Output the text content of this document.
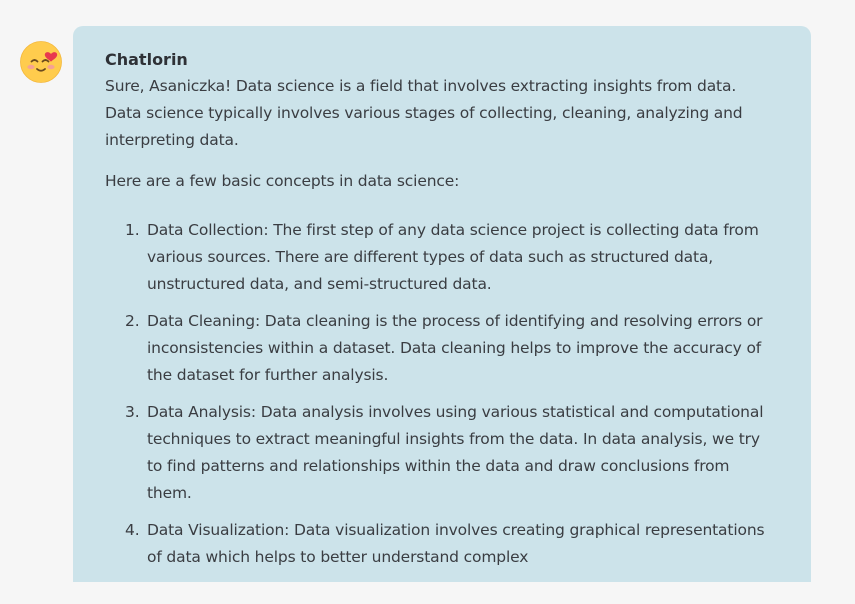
Chatlorin

Sure, Asaniczka! Data science is a field that involves extracting insights from data. Data science typically involves various stages of collecting, cleaning, analyzing and interpreting data.

Here are a few basic concepts in data science:

1. Data Collection: The first step of any data science project is collecting data from various sources. There are different types of data such as structured data, unstructured data, and semi-structured data.
2. Data Cleaning: Data cleaning is the process of identifying and resolving errors or inconsistencies within a dataset. Data cleaning helps to improve the accuracy of the dataset for further analysis.
3. Data Analysis: Data analysis involves using various statistical and computational techniques to extract meaningful insights from the data. In data analysis, we try to find patterns and relationships within the data and draw conclusions from them.
4. Data Visualization: Data visualization involves creating graphical representations of data which helps to better understand complex
